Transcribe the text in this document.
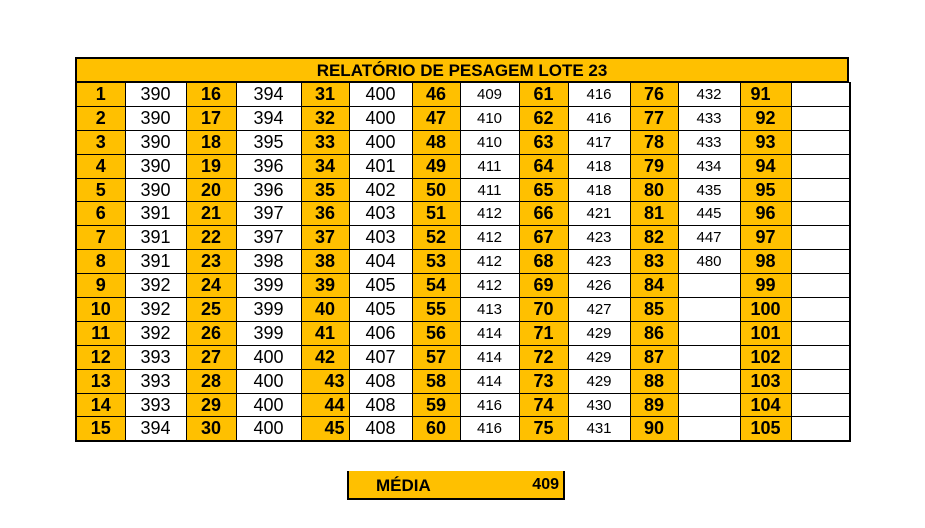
RELATÓRIO DE PESAGEM LOTE 23
1	390	16	394	31	400	46	409	61	416	76	432	91	
2	390	17	394	32	400	47	410	62	416	77	433	92	
3	390	18	395	33	400	48	410	63	417	78	433	93	
4	390	19	396	34	401	49	411	64	418	79	434	94	
5	390	20	396	35	402	50	411	65	418	80	435	95	
6	391	21	397	36	403	51	412	66	421	81	445	96	
7	391	22	397	37	403	52	412	67	423	82	447	97	
8	391	23	398	38	404	53	412	68	423	83	480	98	
9	392	24	399	39	405	54	412	69	426	84		99	
10	392	25	399	40	405	55	413	70	427	85		100	
11	392	26	399	41	406	56	414	71	429	86		101	
12	393	27	400	42	407	57	414	72	429	87		102	
13	393	28	400	43	408	58	414	73	429	88		103	
14	393	29	400	44	408	59	416	74	430	89		104	
15	394	30	400	45	408	60	416	75	431	90		105	
MÉDIA	409
